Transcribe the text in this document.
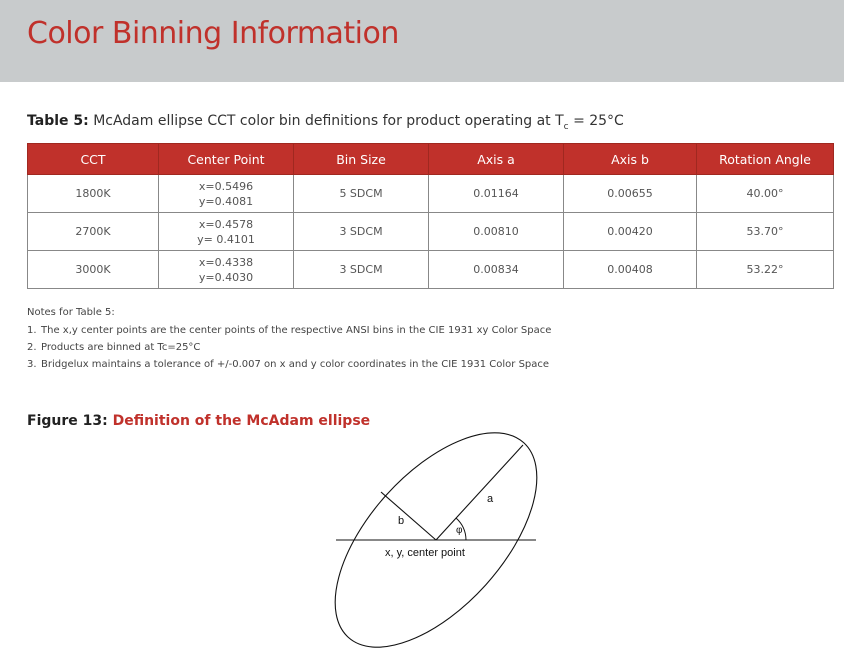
Color Binning Information
Table 5: McAdam ellipse CCT color bin definitions for product operating at $T_c = 25^\circ C$
CCT	Center Point	Bin Size	Axis a	Axis b	Rotation Angle
1800K	x=0.5496
y=0.4081	5 SDCM	0.01164	0.00655	40.00°
2700K	x=0.4578
y= 0.4101	3 SDCM	0.00810	0.00420	53.70°
3000K	x=0.4338
y=0.4030	3 SDCM	0.00834	0.00408	53.22°
Notes for Table 5:
1. The x,y center points are the center points of the respective ANSI bins in the CIE 1931 xy Color Space
2. Products are binned at Tc=25°C
3. Bridgelux maintains a tolerance of +/-0.007 on x and y color coordinates in the CIE 1931 Color Space
Figure 13: Definition of the McAdam ellipse
a
b
φ
x, y, center point
